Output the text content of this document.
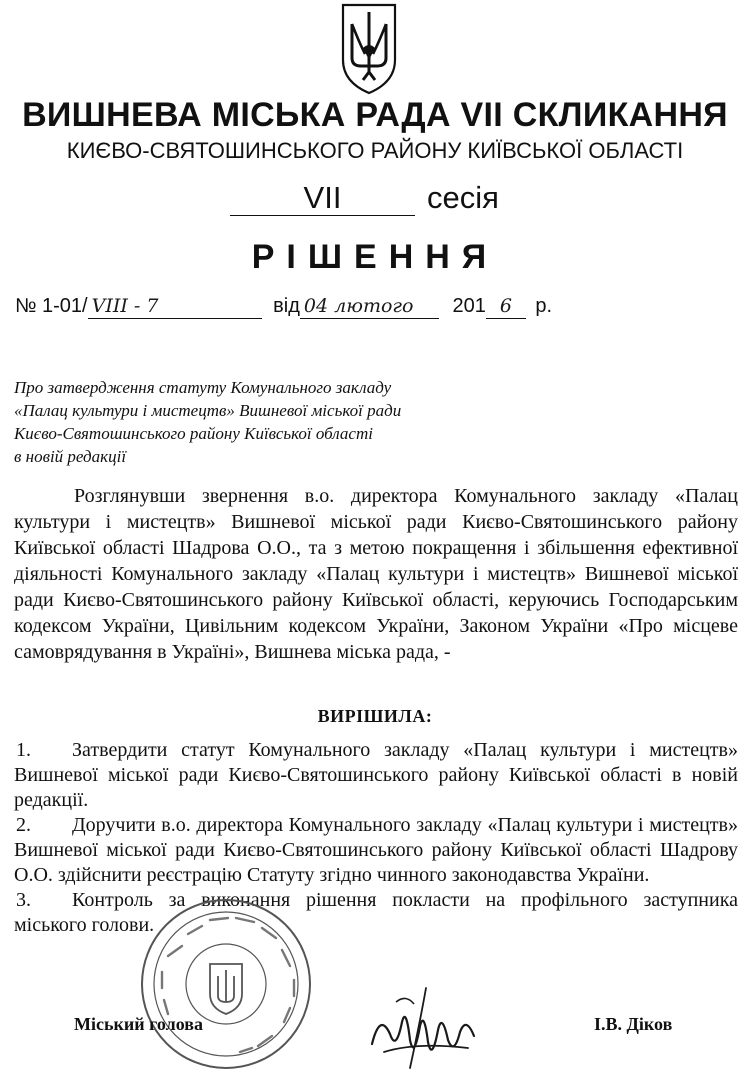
ВИШНЕВА МІСЬКА РАДА VII СКЛИКАННЯ
КИЄВО-СВЯТОШИНСЬКОГО РАЙОНУ КИЇВСЬКОЇ ОБЛАСТІ
VII	сесія
РІШЕННЯ
№ 1-01/ VIII - 7	від 04 лютого 201 6 р.
Про затвердження статуту Комунального закладу
«Палац культури і мистецтв» Вишневої міської ради
Києво-Святошинського району Київської області
в новій редакції
Розглянувши звернення в.о. директора Комунального закладу «Палац культури і мистецтв» Вишневої міської ради Києво-Святошинського району Київської області Шадрова О.О., та з метою покращення і збільшення ефективної діяльності Комунального закладу «Палац культури і мистецтв» Вишневої міської ради Києво-Святошинського району Київської області, керуючись Господарським кодексом України, Цивільним кодексом України, Законом України «Про місцеве самоврядування в Україні», Вишнева міська рада, -
ВИРІШИЛА:
1.	Затвердити статут Комунального закладу «Палац культури і мистецтв» Вишневої міської ради Києво-Святошинського району Київської області в новій редакції.
2.	Доручити в.о. директора Комунального закладу «Палац культури і мистецтв» Вишневої міської ради Києво-Святошинського району Київської області Шадрову О.О. здійснити реєстрацію Статуту згідно чинного законодавства України.
3.	Контроль за виконання рішення покласти на профільного заступника міського голови.
Міський голова	І.В. Діков
